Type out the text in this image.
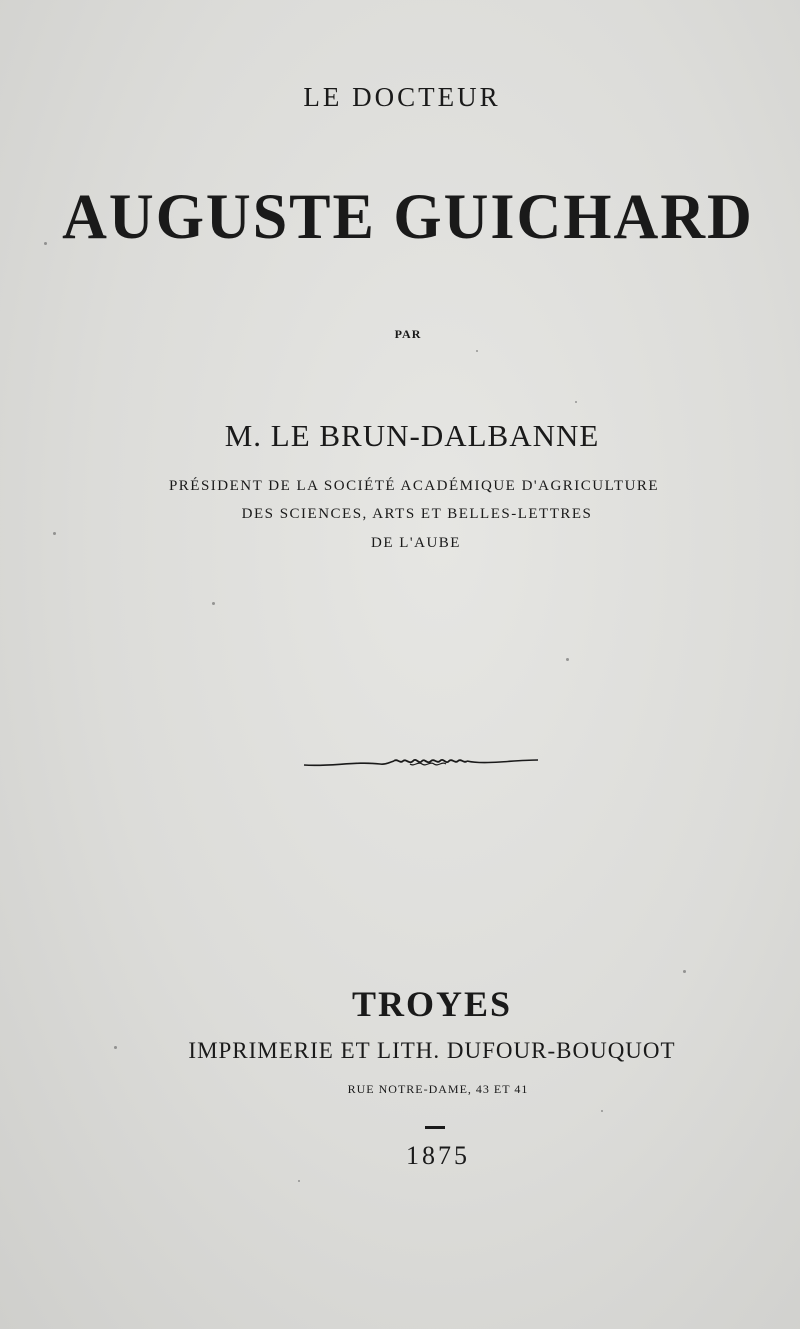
LE DOCTEUR
AUGUSTE GUICHARD
PAR
M. LE BRUN-DALBANNE
PRÉSIDENT DE LA SOCIÉTÉ ACADÉMIQUE D'AGRICULTURE
DES SCIENCES, ARTS ET BELLES-LETTRES
DE L'AUBE
TROYES
IMPRIMERIE ET LITH. DUFOUR-BOUQUOT
RUE NOTRE-DAME, 43 ET 41
1875
